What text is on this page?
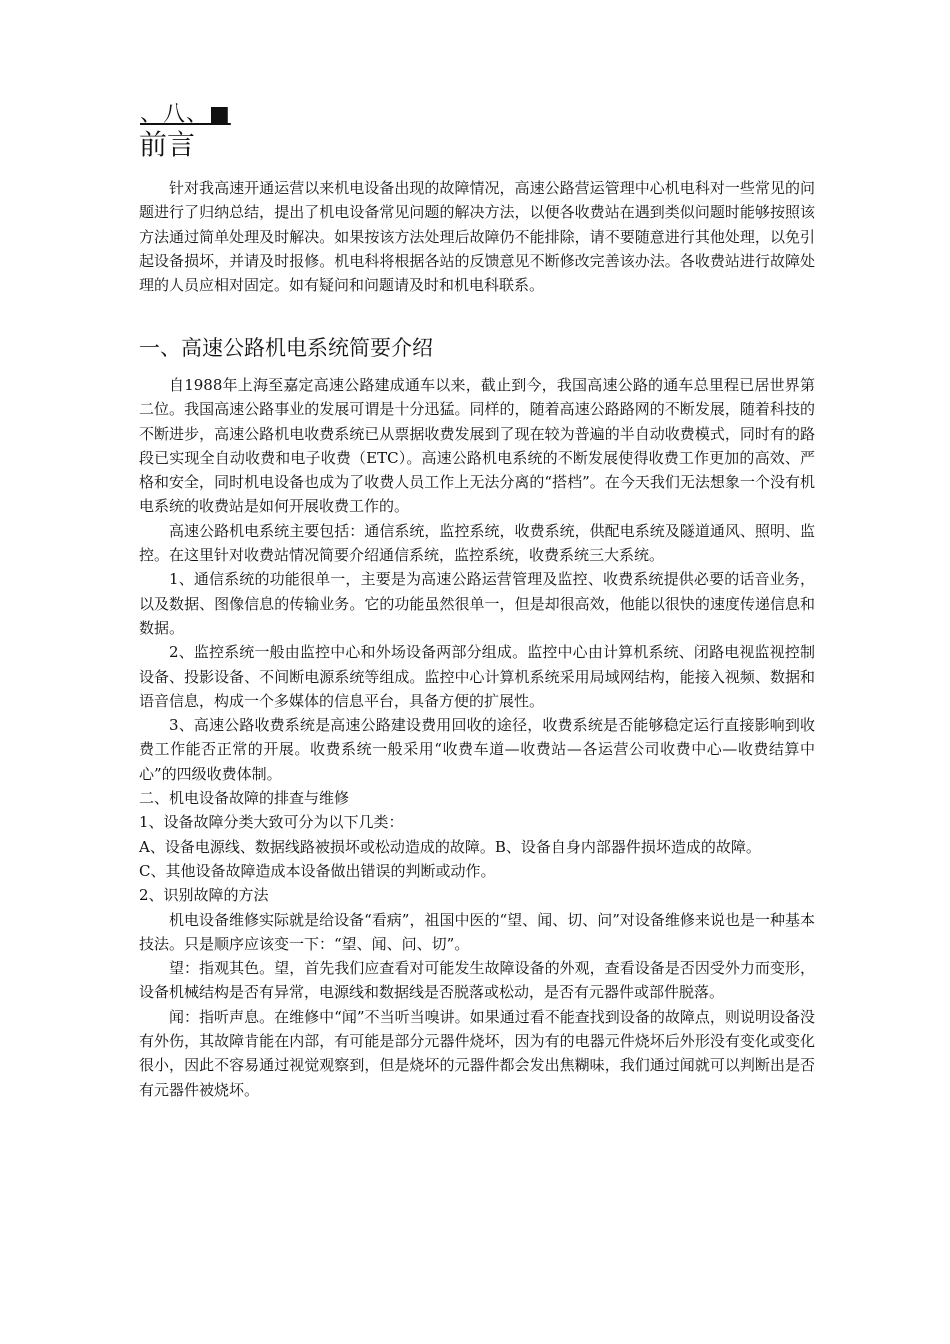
、八、■
前言

针对我高速开通运营以来机电设备出现的故障情况，高速公路营运管理中心机电科对一些常见的问题进行了归纳总结，提出了机电设备常见问题的解决方法，以便各收费站在遇到类似问题时能够按照该方法通过简单处理及时解决。如果按该方法处理后故障仍不能排除，请不要随意进行其他处理，以免引起设备损坏，并请及时报修。机电科将根据各站的反馈意见不断修改完善该办法。各收费站进行故障处理的人员应相对固定。如有疑问和问题请及时和机电科联系。

一、高速公路机电系统简要介绍

自1988年上海至嘉定高速公路建成通车以来，截止到今，我国高速公路的通车总里程已居世界第二位。我国高速公路事业的发展可谓是十分迅猛。同样的，随着高速公路路网的不断发展，随着科技的不断进步，高速公路机电收费系统已从票据收费发展到了现在较为普遍的半自动收费模式，同时有的路段已实现全自动收费和电子收费（ETC）。高速公路机电系统的不断发展使得收费工作更加的高效、严格和安全，同时机电设备也成为了收费人员工作上无法分离的“搭档”。在今天我们无法想象一个没有机电系统的收费站是如何开展收费工作的。

高速公路机电系统主要包括：通信系统，监控系统，收费系统，供配电系统及隧道通风、照明、监控。在这里针对收费站情况简要介绍通信系统，监控系统，收费系统三大系统。

1、通信系统的功能很单一，主要是为高速公路运营管理及监控、收费系统提供必要的话音业务，以及数据、图像信息的传输业务。它的功能虽然很单一，但是却很高效，他能以很快的速度传递信息和数据。

2、监控系统一般由监控中心和外场设备两部分组成。监控中心由计算机系统、闭路电视监视控制设备、投影设备、不间断电源系统等组成。监控中心计算机系统采用局域网结构，能接入视频、数据和语音信息，构成一个多媒体的信息平台，具备方便的扩展性。

3、高速公路收费系统是高速公路建设费用回收的途径，收费系统是否能够稳定运行直接影响到收费工作能否正常的开展。收费系统一般采用“收费车道—收费站—各运营公司收费中心—收费结算中心”的四级收费体制。

二、机电设备故障的排查与维修

1、设备故障分类大致可分为以下几类：

A、设备电源线、数据线路被损坏或松动造成的故障。B、设备自身内部器件损坏造成的故障。

C、其他设备故障造成本设备做出错误的判断或动作。

2、识别故障的方法

机电设备维修实际就是给设备“看病”，祖国中医的“望、闻、切、问”对设备维修来说也是一种基本技法。只是顺序应该变一下：“望、闻、问、切”。

望：指观其色。望，首先我们应查看对可能发生故障设备的外观，查看设备是否因受外力而变形，设备机械结构是否有异常，电源线和数据线是否脱落或松动，是否有元器件或部件脱落。

闻：指听声息。在维修中“闻”不当听当嗅讲。如果通过看不能查找到设备的故障点，则说明设备没有外伤，其故障肯能在内部，有可能是部分元器件烧坏，因为有的电器元件烧坏后外形没有变化或变化很小，因此不容易通过视觉观察到，但是烧坏的元器件都会发出焦糊味，我们通过闻就可以判断出是否有元器件被烧坏。
